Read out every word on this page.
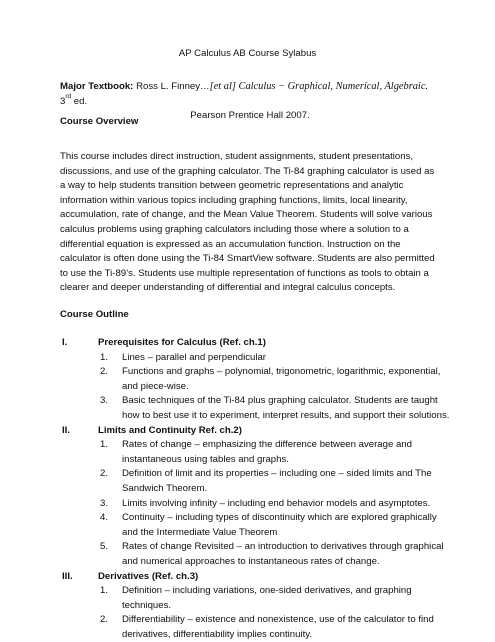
AP Calculus AB Course Sylabus
Major Textbook: Ross L. Finney…[et al] Calculus − Graphical, Numerical, Algebraic. 3rd ed.
Pearson Prentice Hall 2007.
Course Overview
This course includes direct instruction, student assignments, student presentations, discussions, and use of the graphing calculator. The Ti-84 graphing calculator is used as a way to help students transition between geometric representations and analytic information within various topics including graphing functions, limits, local linearity, accumulation, rate of change, and the Mean Value Theorem. Students will solve various calculus problems using graphing calculators including those where a solution to a differential equation is expressed as an accumulation function. Instruction on the calculator is often done using the Ti-84 SmartView software. Students are also permitted to use the Ti-89’s. Students use multiple representation of functions as tools to obtain a clearer and deeper understanding of differential and integral calculus concepts.
Course Outline
I.	Prerequisites for Calculus (Ref. ch.1)
1. Lines – parallel and perpendicular
2. Functions and graphs – polynomial, trigonometric, logarithmic, exponential, and piece-wise.
3. Basic techniques of the Ti-84 plus graphing calculator. Students are taught how to best use it to experiment, interpret results, and support their solutions.
II.	Limits and Continuity Ref. ch.2)
1. Rates of change – emphasizing the difference between average and instantaneous using tables and graphs.
2. Definition of limit and its properties – including one – sided limits and The Sandwich Theorem.
3. Limits involving infinity – including end behavior models and asymptotes.
4. Continuity – including types of discontinuity which are explored graphically and the Intermediate Value Theorem
5. Rates of change Revisited – an introduction to derivatives through graphical and numerical approaches to instantaneous rates of change.
III.	Derivatives (Ref. ch.3)
1. Definition – including variations, one-sided derivatives, and graphing techniques.
2. Differentiability – existence and nonexistence, use of the calculator to find derivatives, differentiability implies continuity.
